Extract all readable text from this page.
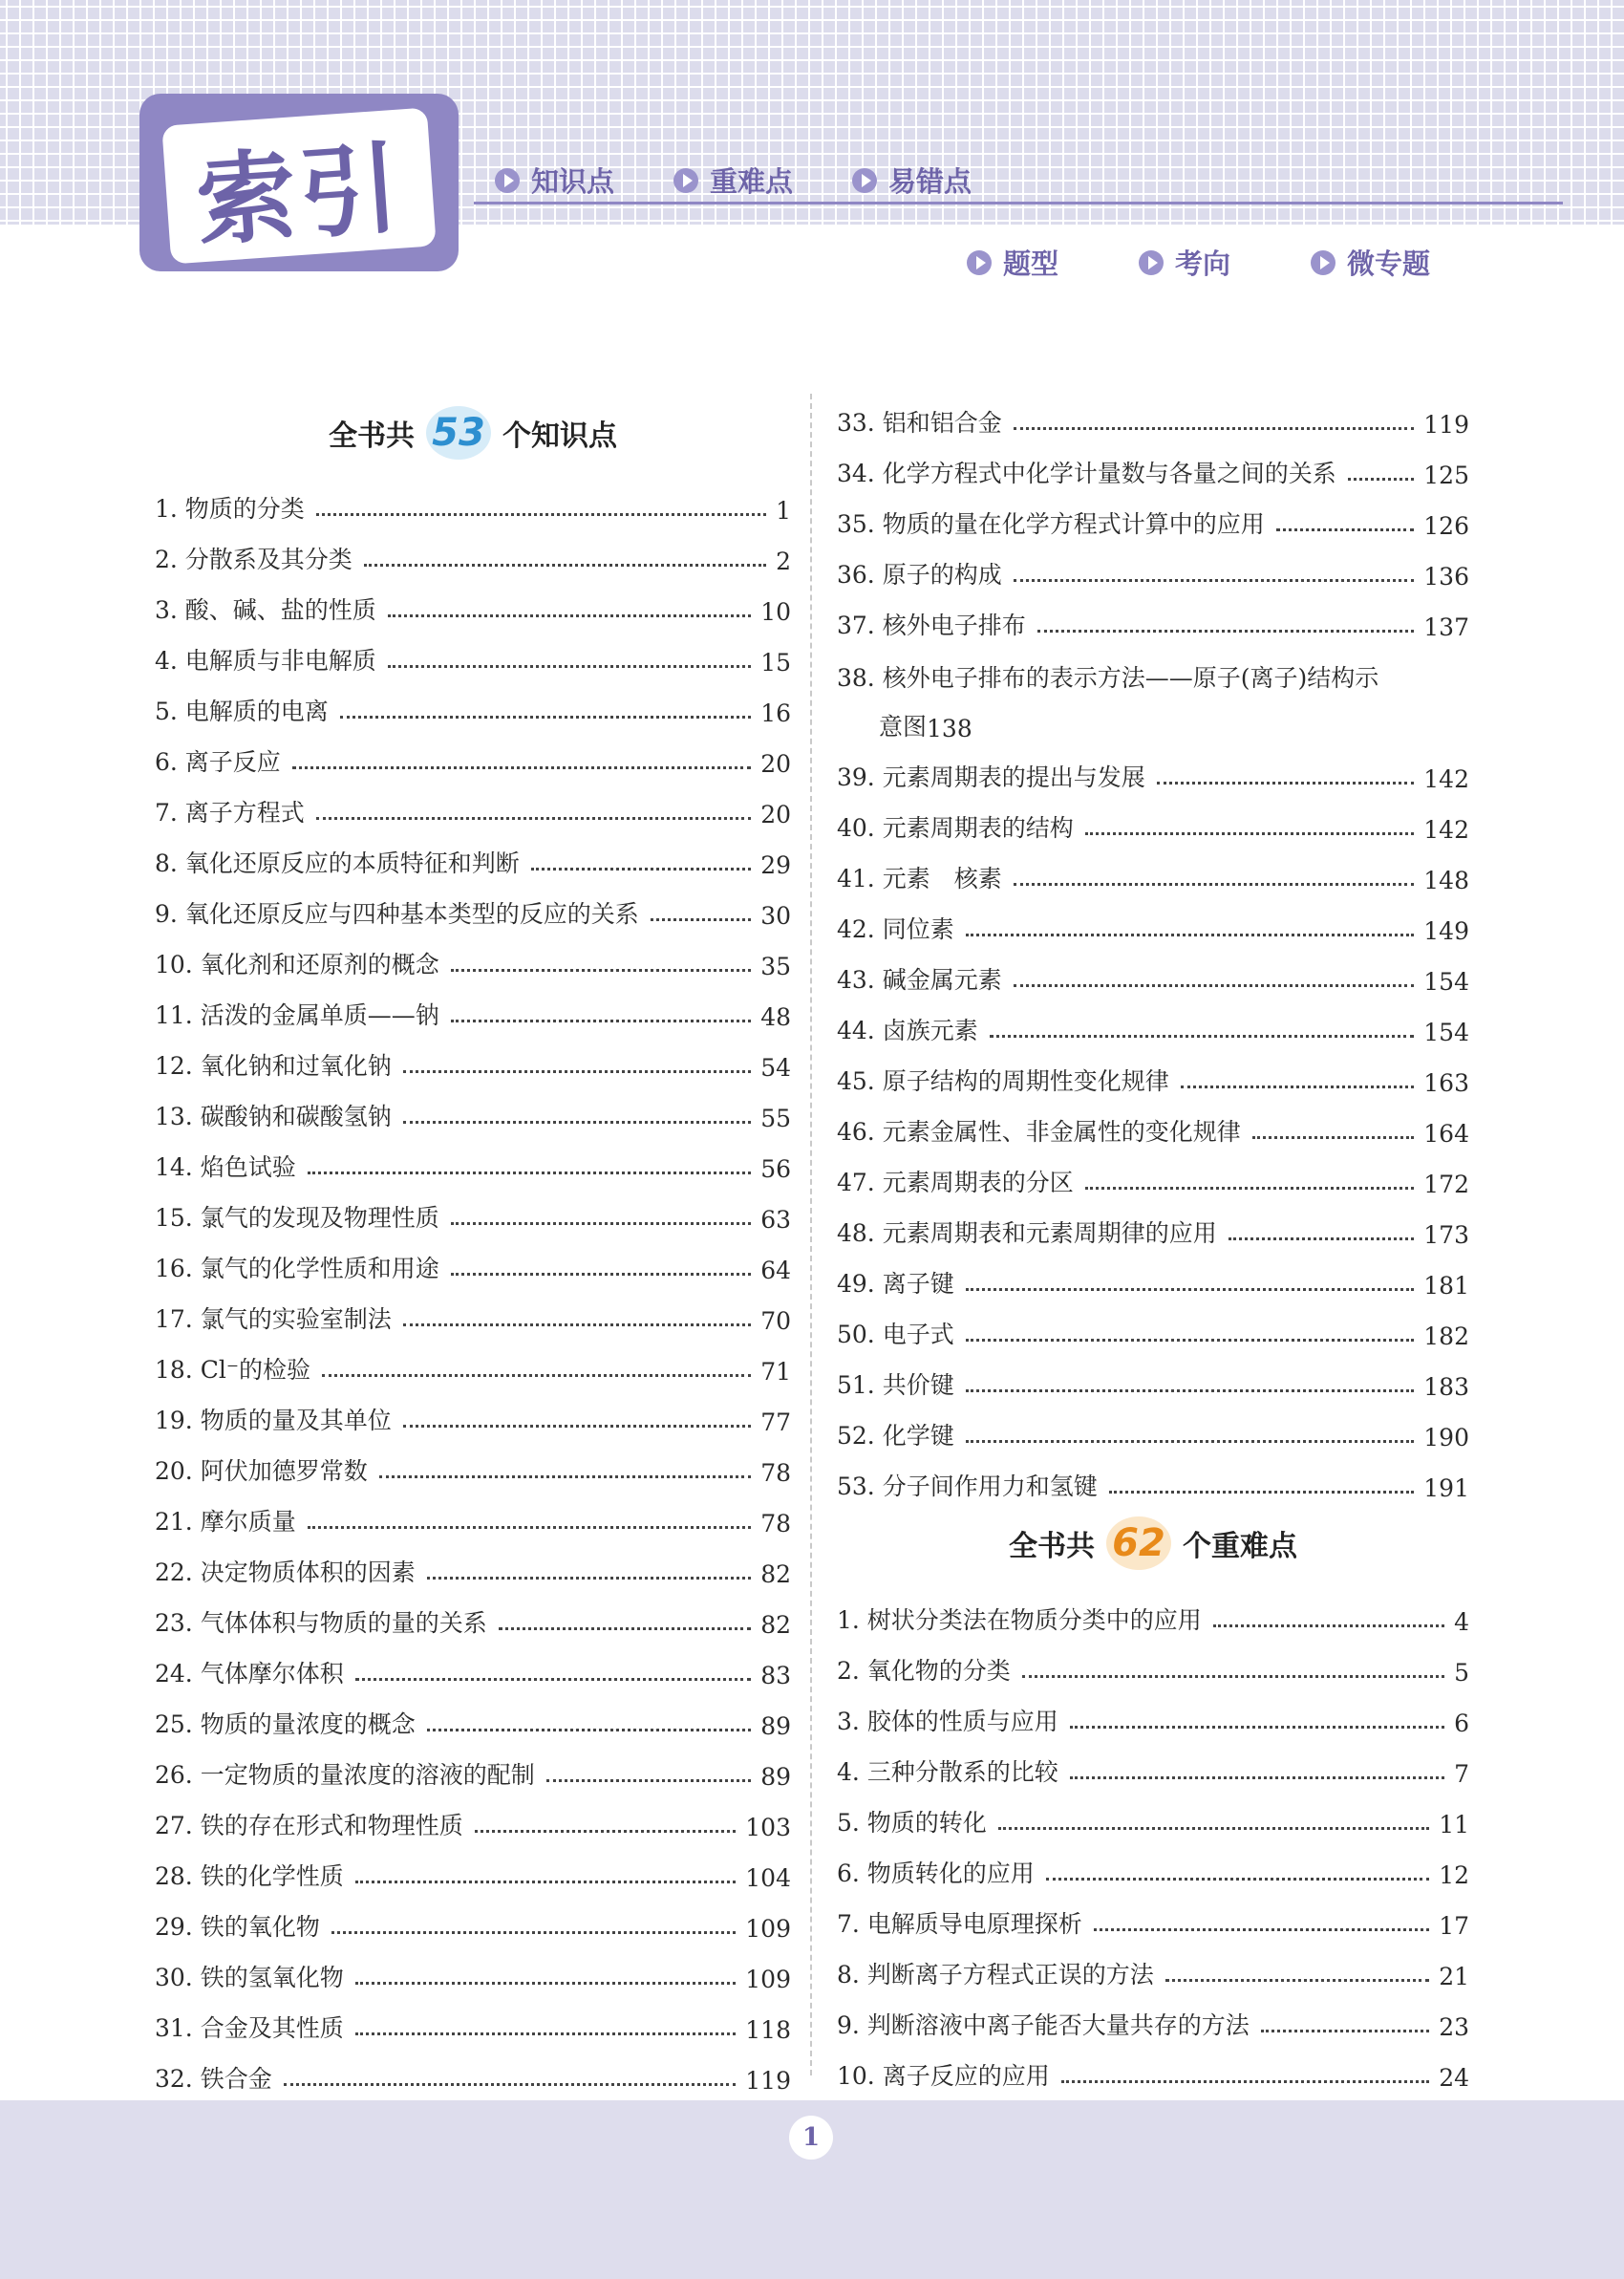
索引	知识点	重难点	易错点
题型	考向	微专题
全书共 53 个知识点
1. 物质的分类	1
2. 分散系及其分类	2
3. 酸、碱、盐的性质	10
4. 电解质与非电解质	15
5. 电解质的电离	16
6. 离子反应	20
7. 离子方程式	20
8. 氧化还原反应的本质特征和判断	29
9. 氧化还原反应与四种基本类型的反应的关系	30
10. 氧化剂和还原剂的概念	35
11. 活泼的金属单质——钠	48
12. 氧化钠和过氧化钠	54
13. 碳酸钠和碳酸氢钠	55
14. 焰色试验	56
15. 氯气的发现及物理性质	63
16. 氯气的化学性质和用途	64
17. 氯气的实验室制法	70
18. Cl⁻的检验	71
19. 物质的量及其单位	77
20. 阿伏加德罗常数	78
21. 摩尔质量	78
22. 决定物质体积的因素	82
23. 气体体积与物质的量的关系	82
24. 气体摩尔体积	83
25. 物质的量浓度的概念	89
26. 一定物质的量浓度的溶液的配制	89
27. 铁的存在形式和物理性质	103
28. 铁的化学性质	104
29. 铁的氧化物	109
30. 铁的氢氧化物	109
31. 合金及其性质	118
32. 铁合金	119
33. 铝和铝合金	119
34. 化学方程式中化学计量数与各量之间的关系	125
35. 物质的量在化学方程式计算中的应用	126
36. 原子的构成	136
37. 核外电子排布	137
38. 核外电子排布的表示方法——原子(离子)结构示
意图 138
39. 元素周期表的提出与发展	142
40. 元素周期表的结构	142
41. 元素　核素	148
42. 同位素	149
43. 碱金属元素	154
44. 卤族元素	154
45. 原子结构的周期性变化规律	163
46. 元素金属性、非金属性的变化规律	164
47. 元素周期表的分区	172
48. 元素周期表和元素周期律的应用	173
49. 离子键	181
50. 电子式	182
51. 共价键	183
52. 化学键	190
53. 分子间作用力和氢键	191
全书共 62 个重难点
1. 树状分类法在物质分类中的应用	4
2. 氧化物的分类	5
3. 胶体的性质与应用	6
4. 三种分散系的比较	7
5. 物质的转化	11
6. 物质转化的应用	12
7. 电解质导电原理探析	17
8. 判断离子方程式正误的方法	21
9. 判断溶液中离子能否大量共存的方法	23
10. 离子反应的应用	24
1
